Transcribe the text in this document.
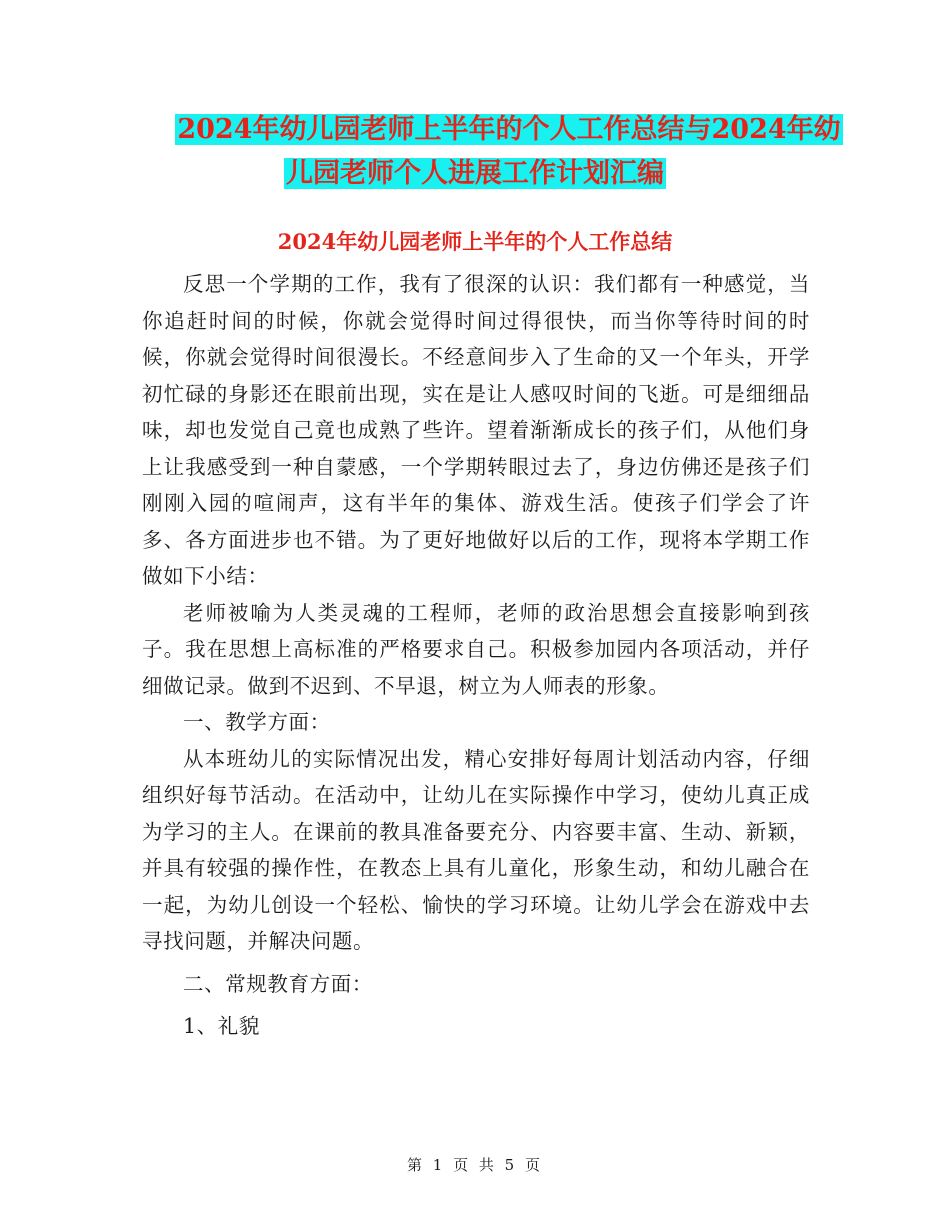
2024年幼儿园老师上半年的个人工作总结与2024年幼
儿园老师个人进展工作计划汇编
2024年幼儿园老师上半年的个人工作总结

反思一个学期的工作，我有了很深的认识：我们都有一种感觉，当你追赶时间的时候，你就会觉得时间过得很快，而当你等待时间的时候，你就会觉得时间很漫长。不经意间步入了生命的又一个年头，开学初忙碌的身影还在眼前出现，实在是让人感叹时间的飞逝。可是细细品味，却也发觉自己竟也成熟了些许。望着渐渐成长的孩子们，从他们身上让我感受到一种自蒙感，一个学期转眼过去了，身边仿佛还是孩子们刚刚入园的喧闹声，这有半年的集体、游戏生活。使孩子们学会了许多、各方面进步也不错。为了更好地做好以后的工作，现将本学期工作做如下小结：

老师被喻为人类灵魂的工程师，老师的政治思想会直接影响到孩子。我在思想上高标准的严格要求自己。积极参加园内各项活动，并仔细做记录。做到不迟到、不早退，树立为人师表的形象。

一、教学方面：

从本班幼儿的实际情况出发，精心安排好每周计划活动内容，仔细组织好每节活动。在活动中，让幼儿在实际操作中学习，使幼儿真正成为学习的主人。在课前的教具准备要充分、内容要丰富、生动、新颖，并具有较强的操作性，在教态上具有儿童化，形象生动，和幼儿融合在一起，为幼儿创设一个轻松、愉快的学习环境。让幼儿学会在游戏中去寻找问题，并解决问题。

二、常规教育方面：

1、礼貌

第 1 页 共 5 页
